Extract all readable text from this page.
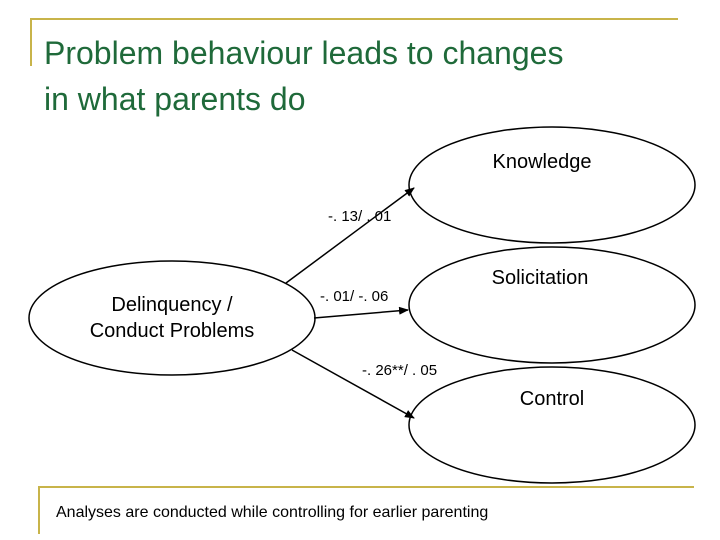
Problem behaviour leads to changes
in what parents do
Knowledge
Solicitation
Control
Delinquency /
Conduct Problems
-. 13/ . 01
-. 01/ -. 06
-. 26**/ . 05
Analyses are conducted while controlling for earlier parenting
